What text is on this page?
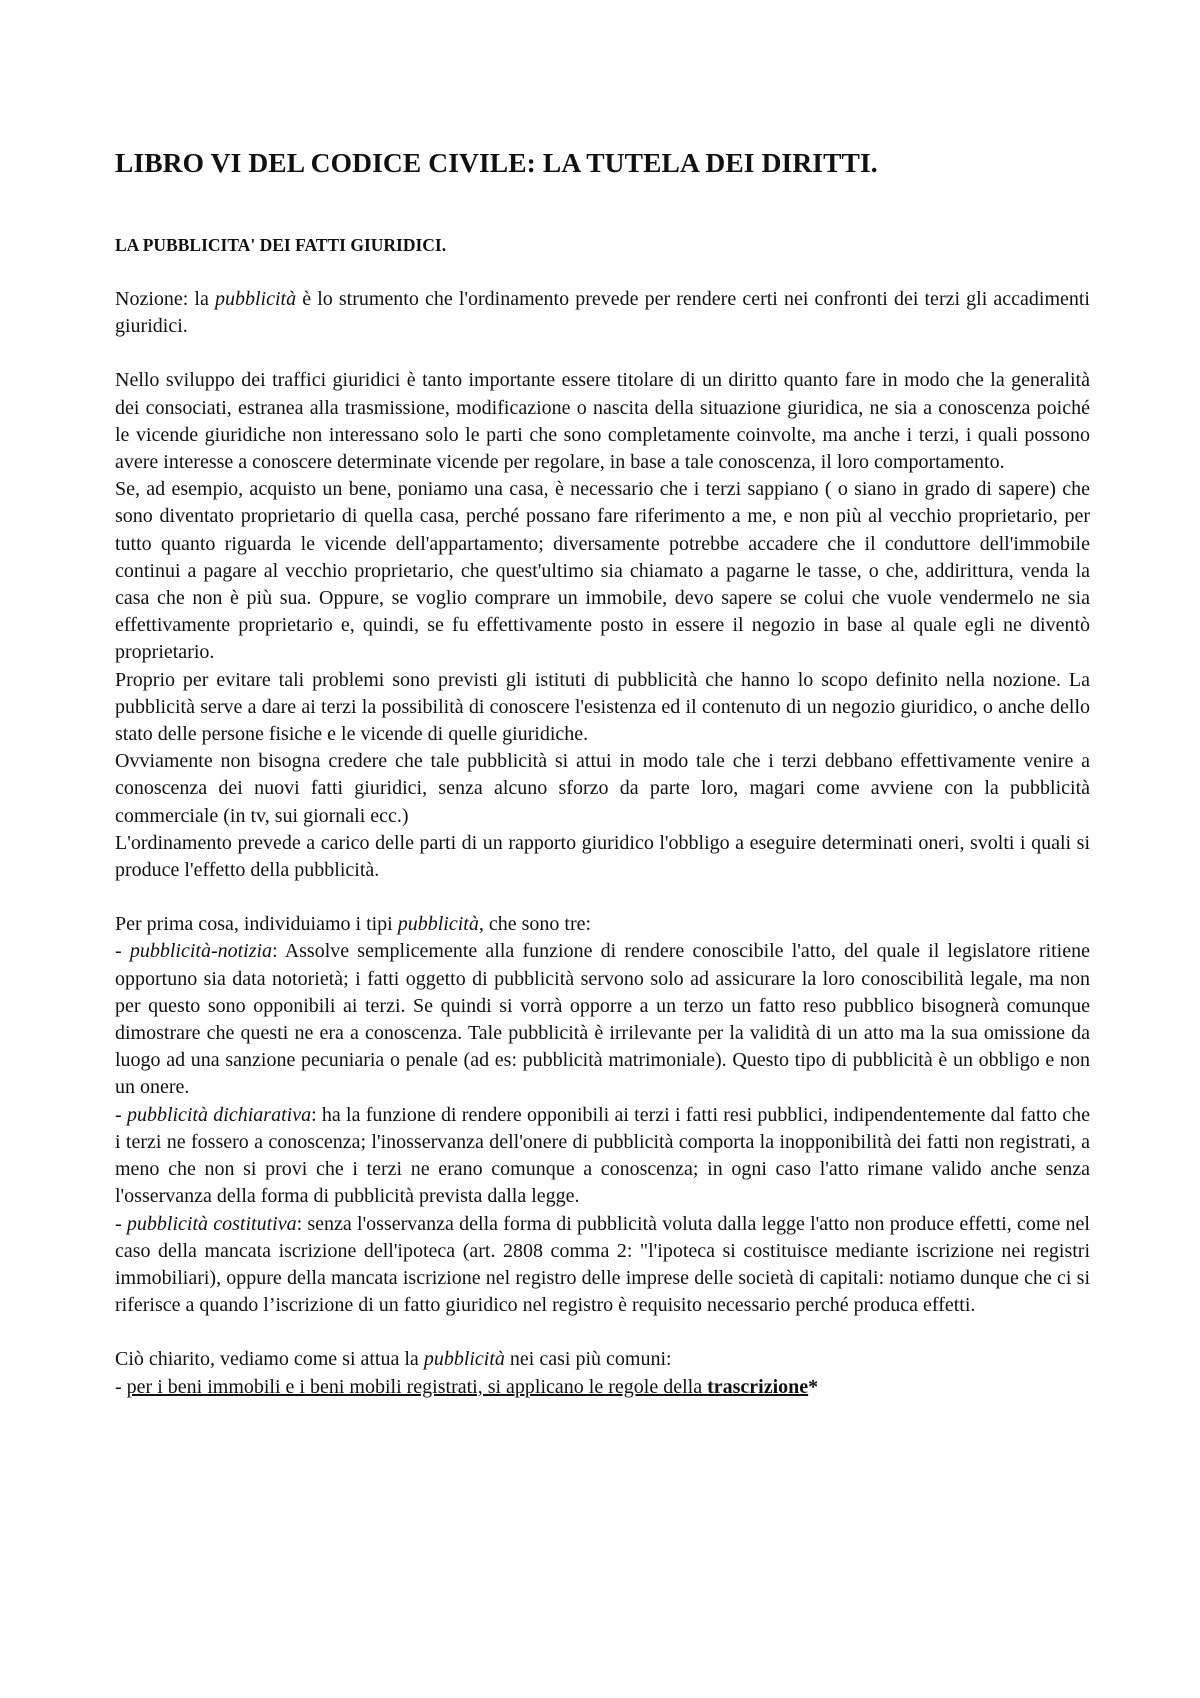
LIBRO VI DEL CODICE CIVILE: LA TUTELA DEI DIRITTI.
LA PUBBLICITA' DEI FATTI GIURIDICI.

Nozione: la pubblicità è lo strumento che l'ordinamento prevede per rendere certi nei confronti dei terzi gli accadimenti giuridici.

Nello sviluppo dei traffici giuridici è tanto importante essere titolare di un diritto quanto fare in modo che la generalità dei consociati, estranea alla trasmissione, modificazione o nascita della situazione giuridica, ne sia a conoscenza poiché le vicende giuridiche non interessano solo le parti che sono completamente coinvolte, ma anche i terzi, i quali possono avere interesse a conoscere determinate vicende per regolare, in base a tale conoscenza, il loro comportamento.

Se, ad esempio, acquisto un bene, poniamo una casa, è necessario che i terzi sappiano ( o siano in grado di sapere) che sono diventato proprietario di quella casa, perché possano fare riferimento a me, e non più al vecchio proprietario, per tutto quanto riguarda le vicende dell'appartamento; diversamente potrebbe accadere che il conduttore dell'immobile continui a pagare al vecchio proprietario, che quest'ultimo sia chiamato a pagarne le tasse, o che, addirittura, venda la casa che non è più sua. Oppure, se voglio comprare un immobile, devo sapere se colui che vuole vendermelo ne sia effettivamente proprietario e, quindi, se fu effettivamente posto in essere il negozio in base al quale egli ne diventò proprietario.

Proprio per evitare tali problemi sono previsti gli istituti di pubblicità che hanno lo scopo definito nella nozione. La pubblicità serve a dare ai terzi la possibilità di conoscere l'esistenza ed il contenuto di un negozio giuridico, o anche dello stato delle persone fisiche e le vicende di quelle giuridiche.

Ovviamente non bisogna credere che tale pubblicità si attui in modo tale che i terzi debbano effettivamente venire a conoscenza dei nuovi fatti giuridici, senza alcuno sforzo da parte loro, magari come avviene con la pubblicità commerciale (in tv, sui giornali ecc.)

L'ordinamento prevede a carico delle parti di un rapporto giuridico l'obbligo a eseguire determinati oneri, svolti i quali si produce l'effetto della pubblicità.

Per prima cosa, individuiamo i tipi pubblicità, che sono tre:

- pubblicità-notizia: Assolve semplicemente alla funzione di rendere conoscibile l'atto, del quale il legislatore ritiene opportuno sia data notorietà; i fatti oggetto di pubblicità servono solo ad assicurare la loro conoscibilità legale, ma non per questo sono opponibili ai terzi. Se quindi si vorrà opporre a un terzo un fatto reso pubblico bisognerà comunque dimostrare che questi ne era a conoscenza. Tale pubblicità è irrilevante per la validità di un atto ma la sua omissione da luogo ad una sanzione pecuniaria o penale (ad es: pubblicità matrimoniale). Questo tipo di pubblicità è un obbligo e non un onere.

- pubblicità dichiarativa: ha la funzione di rendere opponibili ai terzi i fatti resi pubblici, indipendentemente dal fatto che i terzi ne fossero a conoscenza; l'inosservanza dell'onere di pubblicità comporta la inopponibilità dei fatti non registrati, a meno che non si provi che i terzi ne erano comunque a conoscenza; in ogni caso l'atto rimane valido anche senza l'osservanza della forma di pubblicità prevista dalla legge.

- pubblicità costitutiva: senza l'osservanza della forma di pubblicità voluta dalla legge l'atto non produce effetti, come nel caso della mancata iscrizione dell'ipoteca (art. 2808 comma 2: "l'ipoteca si costituisce mediante iscrizione nei registri immobiliari), oppure della mancata iscrizione nel registro delle imprese delle società di capitali: notiamo dunque che ci si riferisce a quando l’iscrizione di un fatto giuridico nel registro è requisito necessario perché produca effetti.

Ciò chiarito, vediamo come si attua la pubblicità nei casi più comuni:

- per i beni immobili e i beni mobili registrati, si applicano le regole della trascrizione*
